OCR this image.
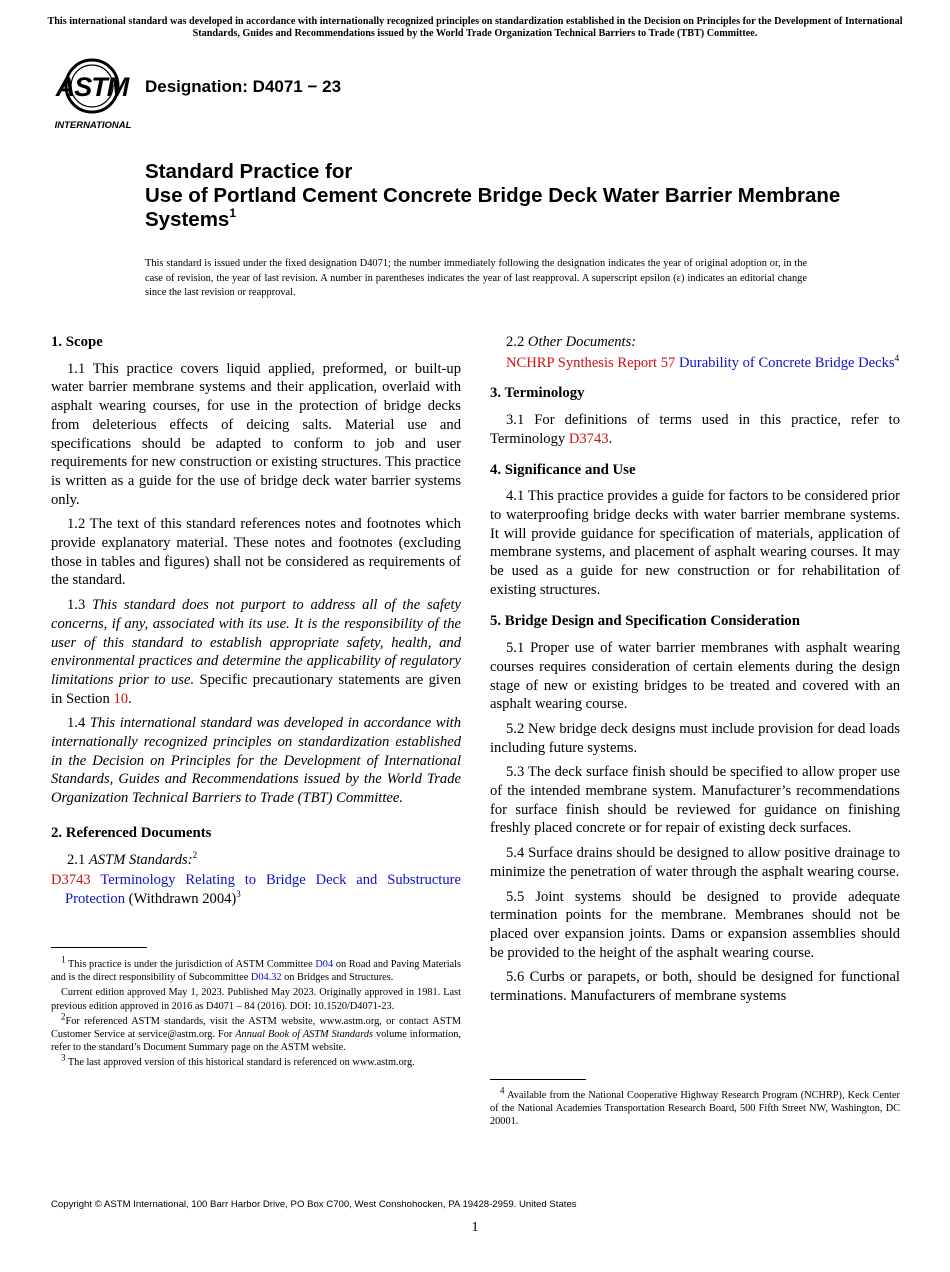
This international standard was developed in accordance with internationally recognized principles on standardization established in the Decision on Principles for the Development of International Standards, Guides and Recommendations issued by the World Trade Organization Technical Barriers to Trade (TBT) Committee.
ASTM
INTERNATIONAL
Designation: D4071 − 23
Standard Practice for
Use of Portland Cement Concrete Bridge Deck Water Barrier Membrane Systems$^1$
This standard is issued under the fixed designation D4071; the number immediately following the designation indicates the year of original adoption or, in the case of revision, the year of last revision. A number in parentheses indicates the year of last reapproval. A superscript epsilon (ε) indicates an editorial change since the last revision or reapproval.
1. Scope

1.1 This practice covers liquid applied, preformed, or built-up water barrier membrane systems and their application, overlaid with asphalt wearing courses, for use in the protection of bridge decks from deleterious effects of deicing salts. Material use and specifications should be adapted to conform to job and user requirements for new construction or existing structures. This practice is written as a guide for the use of bridge deck water barrier systems only.

1.2 The text of this standard references notes and footnotes which provide explanatory material. These notes and footnotes (excluding those in tables and figures) shall not be considered as requirements of the standard.

1.3 This standard does not purport to address all of the safety concerns, if any, associated with its use. It is the responsibility of the user of this standard to establish appropriate safety, health, and environmental practices and determine the applicability of regulatory limitations prior to use. Specific precautionary statements are given in Section 10.

1.4 This international standard was developed in accordance with internationally recognized principles on standardization established in the Decision on Principles for the Development of International Standards, Guides and Recommendations issued by the World Trade Organization Technical Barriers to Trade (TBT) Committee.

2. Referenced Documents
2.1 ASTM Standards:$^2$
D3743 Terminology Relating to Bridge Deck and Substructure Protection (Withdrawn 2004)$^3$

$^1$ This practice is under the jurisdiction of ASTM Committee D04 on Road and Paving Materials and is the direct responsibility of Subcommittee D04.32 on Bridges and Structures.

Current edition approved May 1, 2023. Published May 2023. Originally approved in 1981. Last previous edition approved in 2016 as D4071 – 84 (2016). DOI: 10.1520/D4071-23.

$^2$For referenced ASTM standards, visit the ASTM website, www.astm.org, or contact ASTM Customer Service at service@astm.org. For Annual Book of ASTM Standards volume information, refer to the standard’s Document Summary page on the ASTM website.

$^3$ The last approved version of this historical standard is referenced on www.astm.org.

2.2 Other Documents:
NCHRP Synthesis Report 57 Durability of Concrete Bridge Decks$^4$
3. Terminology

3.1 For definitions of terms used in this practice, refer to Terminology D3743.

4. Significance and Use

4.1 This practice provides a guide for factors to be considered prior to waterproofing bridge decks with water barrier membrane systems. It will provide guidance for specification of materials, application of membrane systems, and placement of asphalt wearing courses. It may be used as a guide for new construction or for rehabilitation of existing structures.

5. Bridge Design and Specification Consideration

5.1 Proper use of water barrier membranes with asphalt wearing courses requires consideration of certain elements during the design stage of new or existing bridges to be treated and covered with an asphalt wearing course.

5.2 New bridge deck designs must include provision for dead loads including future systems.

5.3 The deck surface finish should be specified to allow proper use of the intended membrane system. Manufacturer’s recommendations for surface finish should be reviewed for guidance on finishing freshly placed concrete or for repair of existing deck surfaces.

5.4 Surface drains should be designed to allow positive drainage to minimize the penetration of water through the asphalt wearing course.

5.5 Joint systems should be designed to provide adequate termination points for the membrane. Membranes should not be placed over expansion joints. Dams or expansion assemblies should be provided to the height of the asphalt wearing course.

5.6 Curbs or parapets, or both, should be designed for functional terminations. Manufacturers of membrane systems

$^4$ Available from the National Cooperative Highway Research Program (NCHRP), Keck Center of the National Academies Transportation Research Board, 500 Fifth Street NW, Washington, DC 20001.

Copyright © ASTM International, 100 Barr Harbor Drive, PO Box C700, West Conshohocken, PA 19428-2959. United States
1
